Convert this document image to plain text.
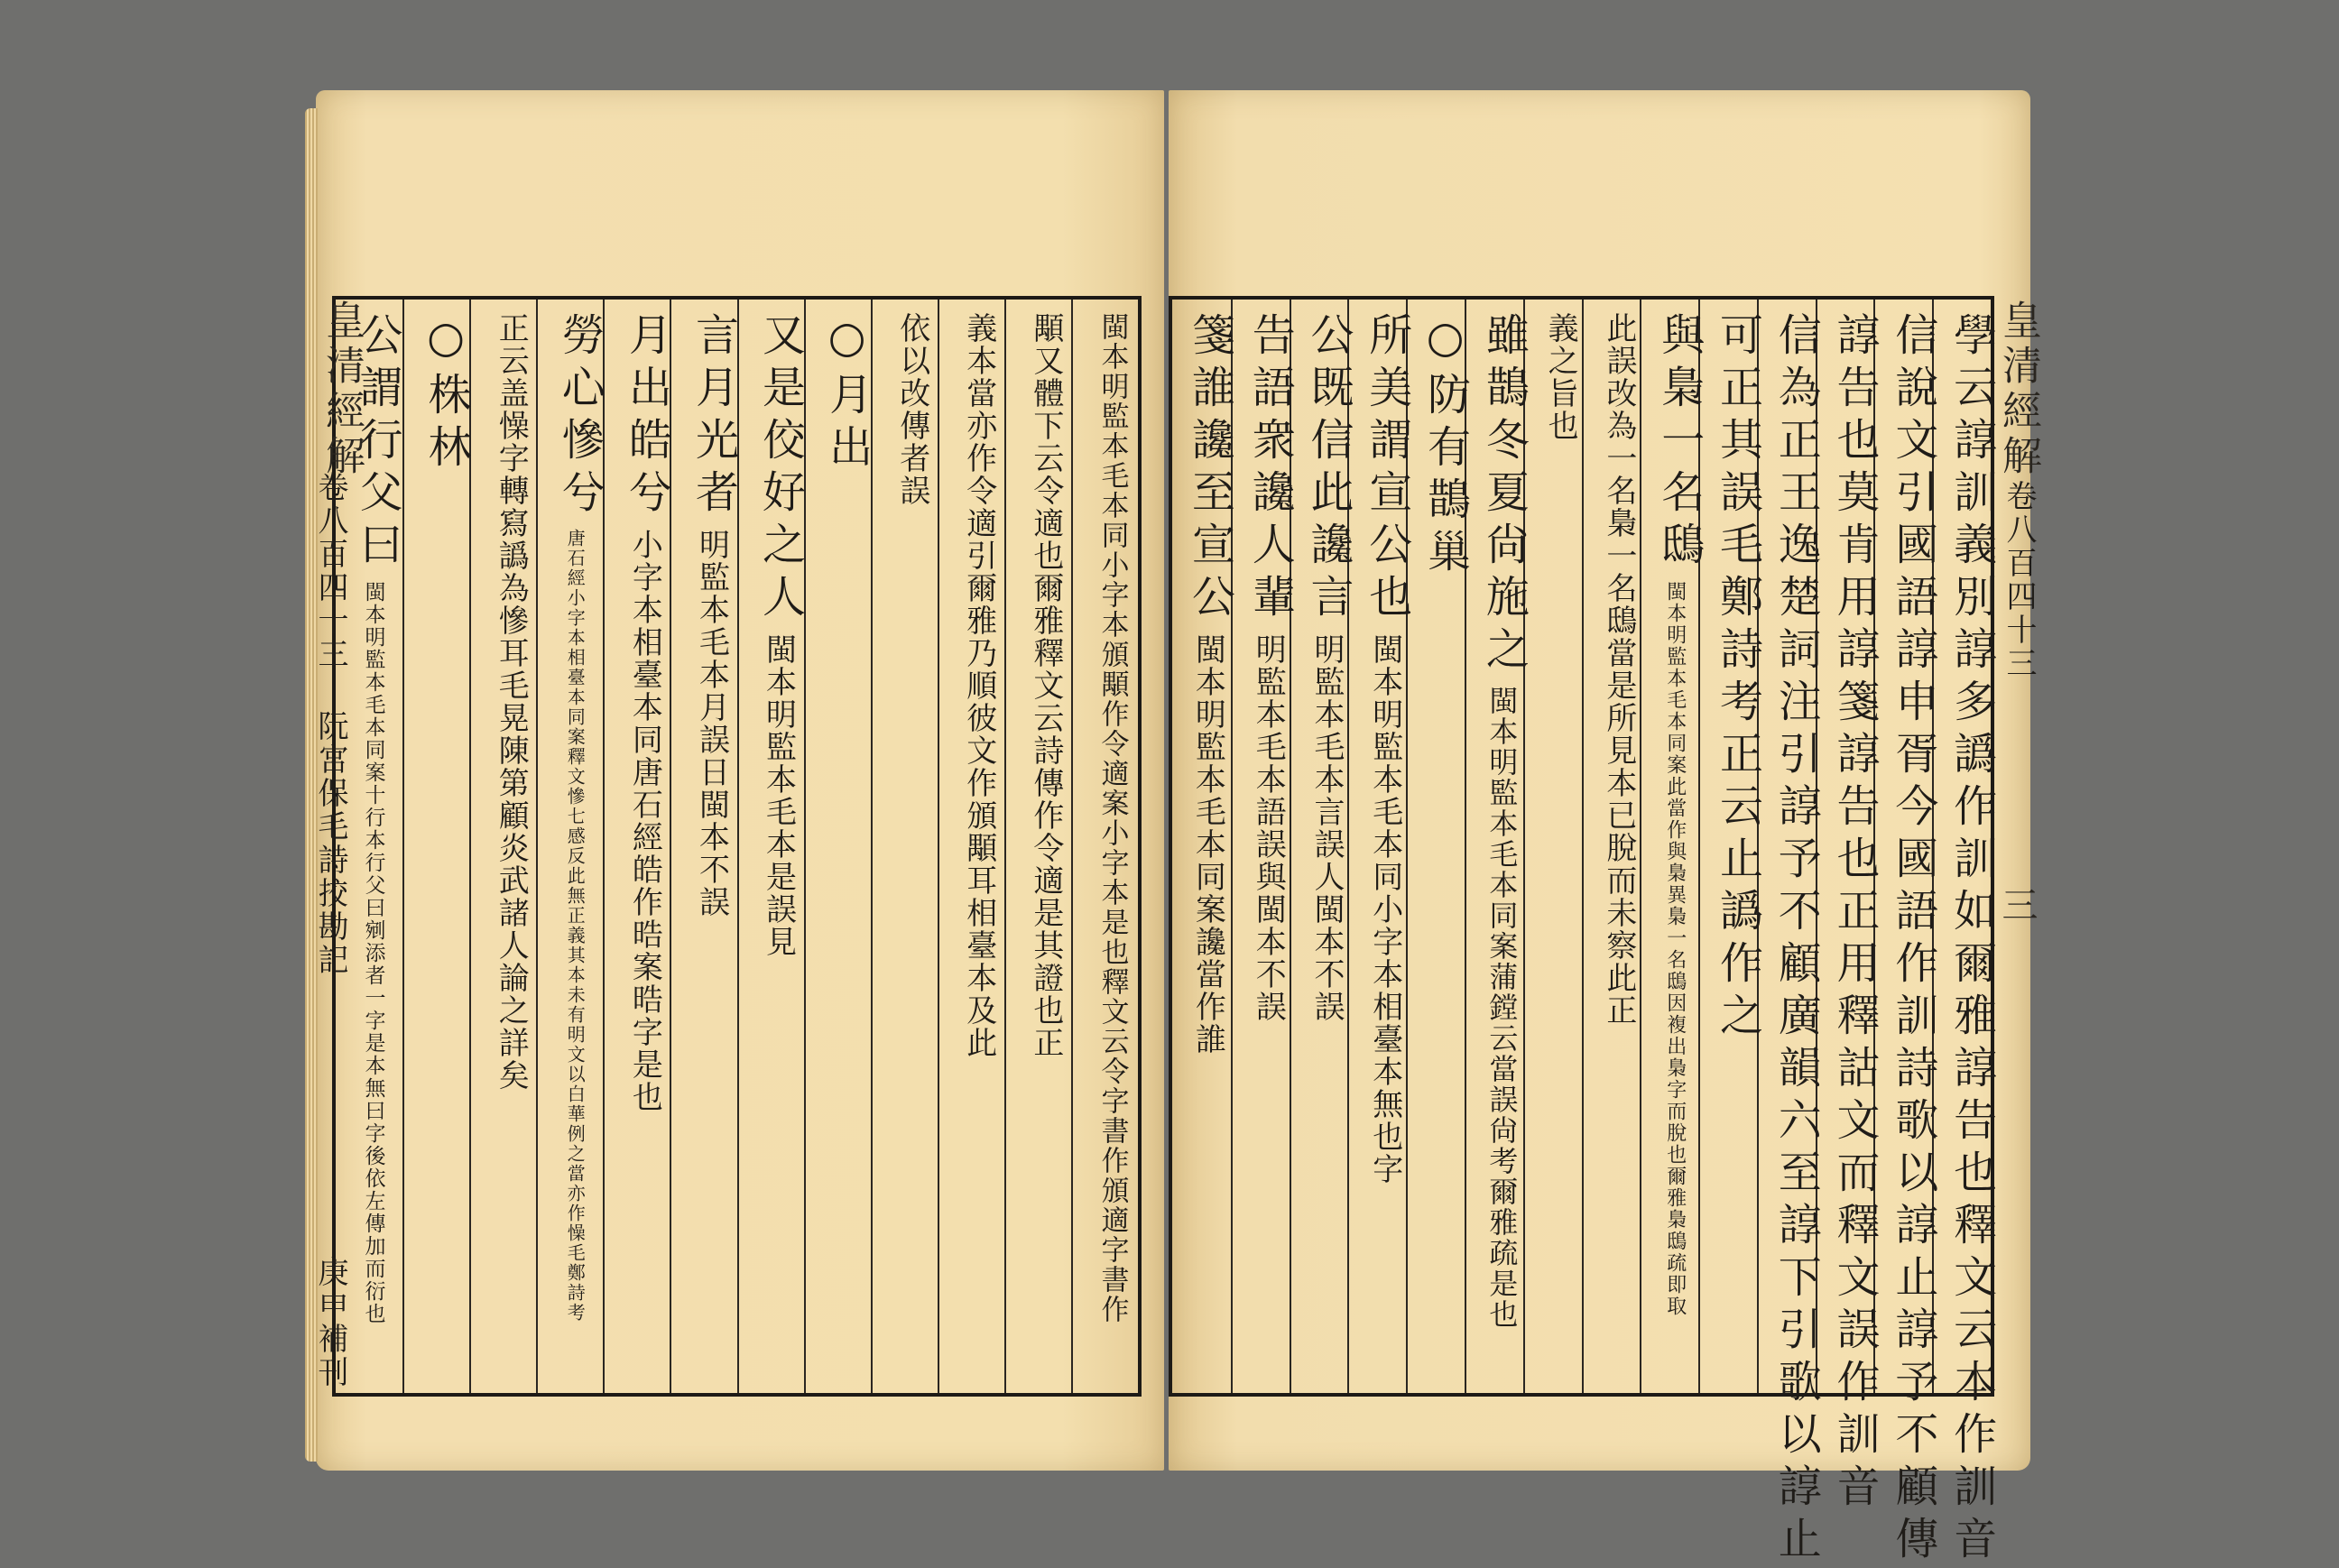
皇清經解
卷八百四十三 阮宮保毛詩挍勘記
庚申補刊	閩本明監本毛本同小字本頒顒作令適案小字本是也釋文云令字書作頒適字書作
顒又體下云令適也爾雅釋文云詩傳作令適是其證也正
義本當亦作令適引爾雅乃順彼文作頒顒耳相臺本及此
依以改傳者誤
○月出
又是佼好之人
閩本明監本毛本是誤見
言月光者
明監本毛本月誤日閩本不誤
月出皓兮
小字本相臺本同唐石經皓作晧案晧字是也
勞心慘兮
唐石經小字本相臺本同案釋文慘七感反此無正義其本未有明文以白華例之當亦作懆毛鄭詩考
正云盖懆字轉寫譌為慘耳毛晃陳第顧炎武諸人論之詳矣
○株林
公謂行父曰
閩本明監本毛本同案十行本行父曰剜添者一字是本無曰字後依左傳加而衍也
皇清經解
卷八百四十三
三
學云諄訓義別諄多譌作訓如爾雅諄告也釋文云本作訓音
信說文引國語諄申胥今國語作訓詩歌以諄止諄予不顧傳
諄告也莫肯用諄箋諄告也正用釋詁文而釋文誤作訓音
信為正王逸楚詞注引諄予不顧廣韻六至諄下引歌以諄止
可正其誤毛鄭詩考正云止譌作之
與梟一名鴟
閩本明監本毛本同案此當作與梟異梟一名鴟因複出梟字而脫也爾雅梟鴟疏即取
此誤改為一名梟一名鴟當是所見本已脫而未察此正
義之旨也
雖鵲冬夏尙施之
閩本明監本毛本同案蒲鏜云當誤尙考爾雅疏是也
○防有鵲巢
所美謂宣公也
閩本明監本毛本同小字本相臺本無也字
公既信此讒言
明監本毛本言誤人閩本不誤
告語衆讒人輩
明監本毛本語誤與閩本不誤
箋誰讒至宣公
閩本明監本毛本同案讒當作誰
